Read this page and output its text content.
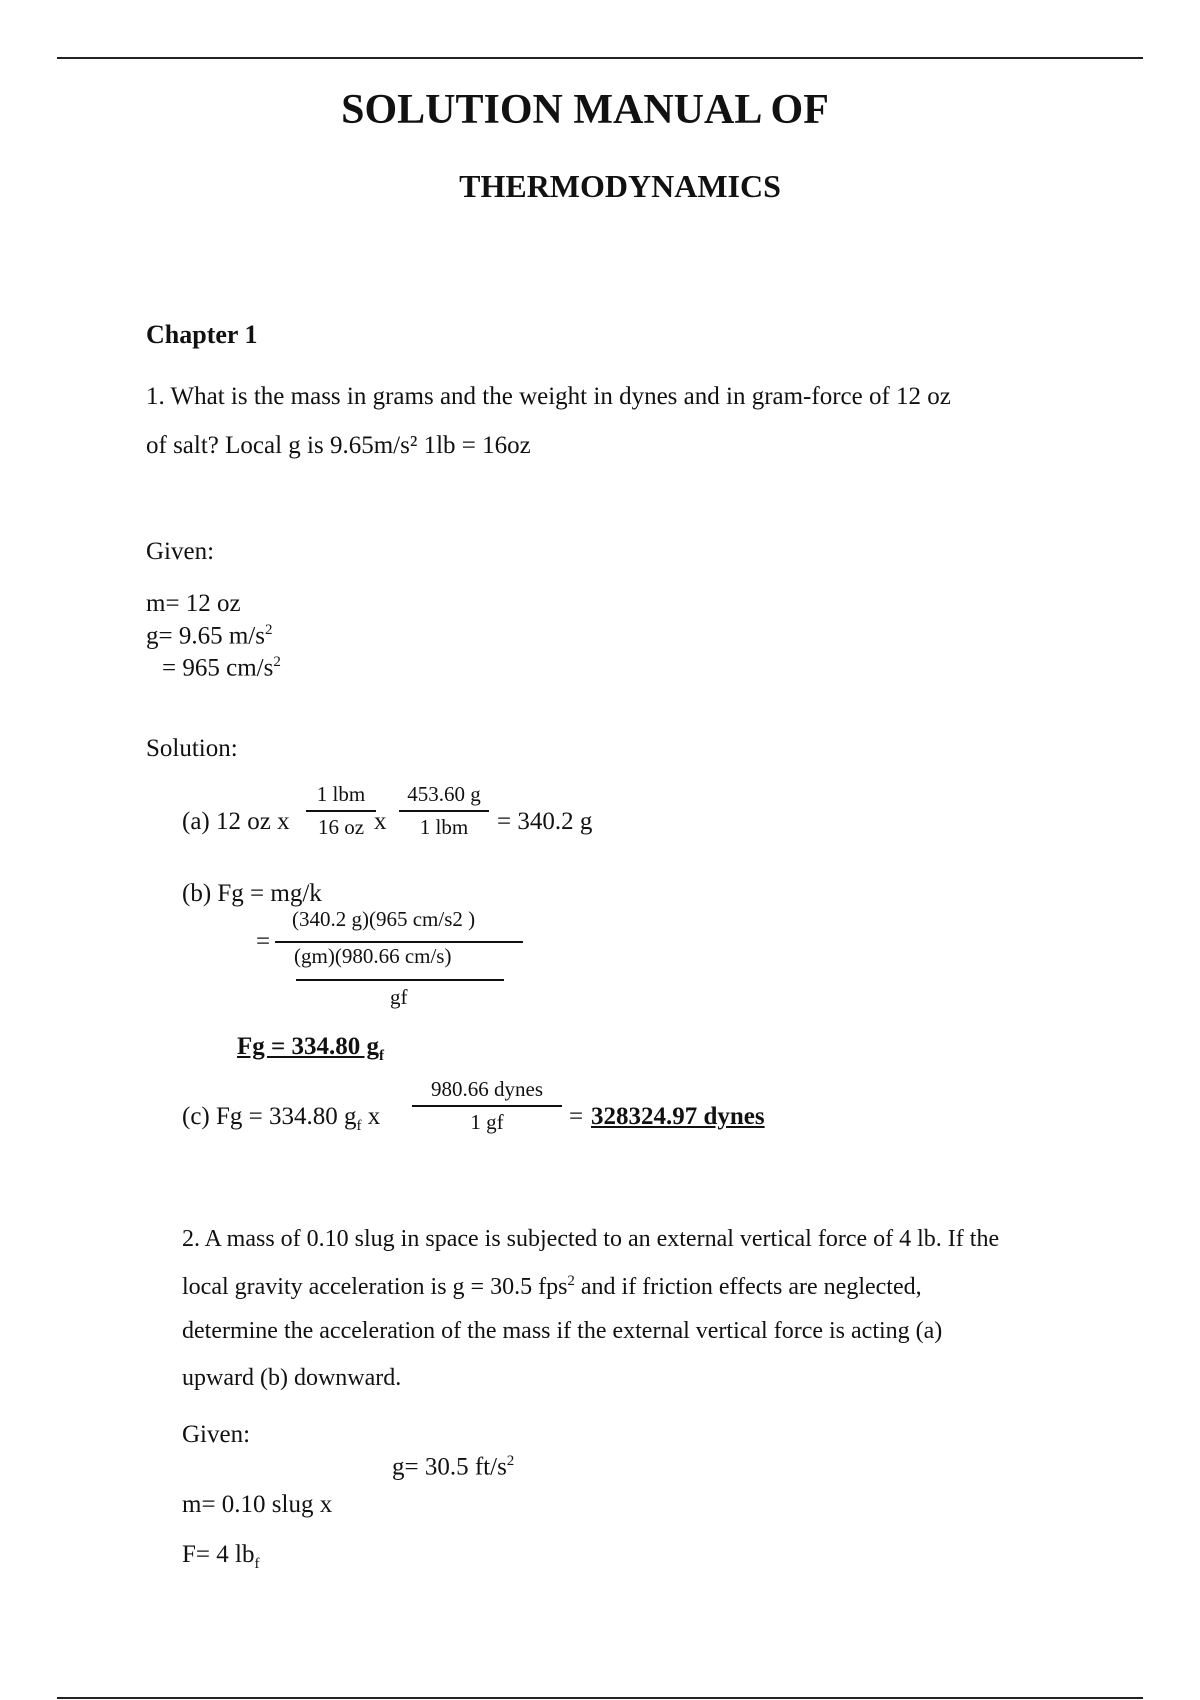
SOLUTION MANUAL OF
THERMODYNAMICS
Chapter 1
1. What is the mass in grams and the weight in dynes and in gram-force of 12 oz
of salt? Local g is 9.65m/s² 1lb = 16oz
Given:
m= 12 oz
g= 9.65 $m/s^2$
= 965 $cm/s^2$
Solution:
(a) 12 oz x
1 lbm
16 oz x
453.60 g
1 lbm	= 340.2 g
(b) Fg = mg/k
=
(340.2 g)(965 cm/s2 )
(gm)(980.66 cm/s)
gf
Fg = 334.80 $g_f$
(c) Fg = 334.80 $g_f$ x
980.66 dynes
1 gf	= 328324.97 dynes
2. A mass of 0.10 slug in space is subjected to an external vertical force of 4 lb. If the
local gravity acceleration is g = 30.5 fps$^2$ and if friction effects are neglected,
determine the acceleration of the mass if the external vertical force is acting (a)
upward (b) downward.
Given:
g= 30.5 $ft/s^2$
m= 0.10 slug x
F= 4 $lb_f$
